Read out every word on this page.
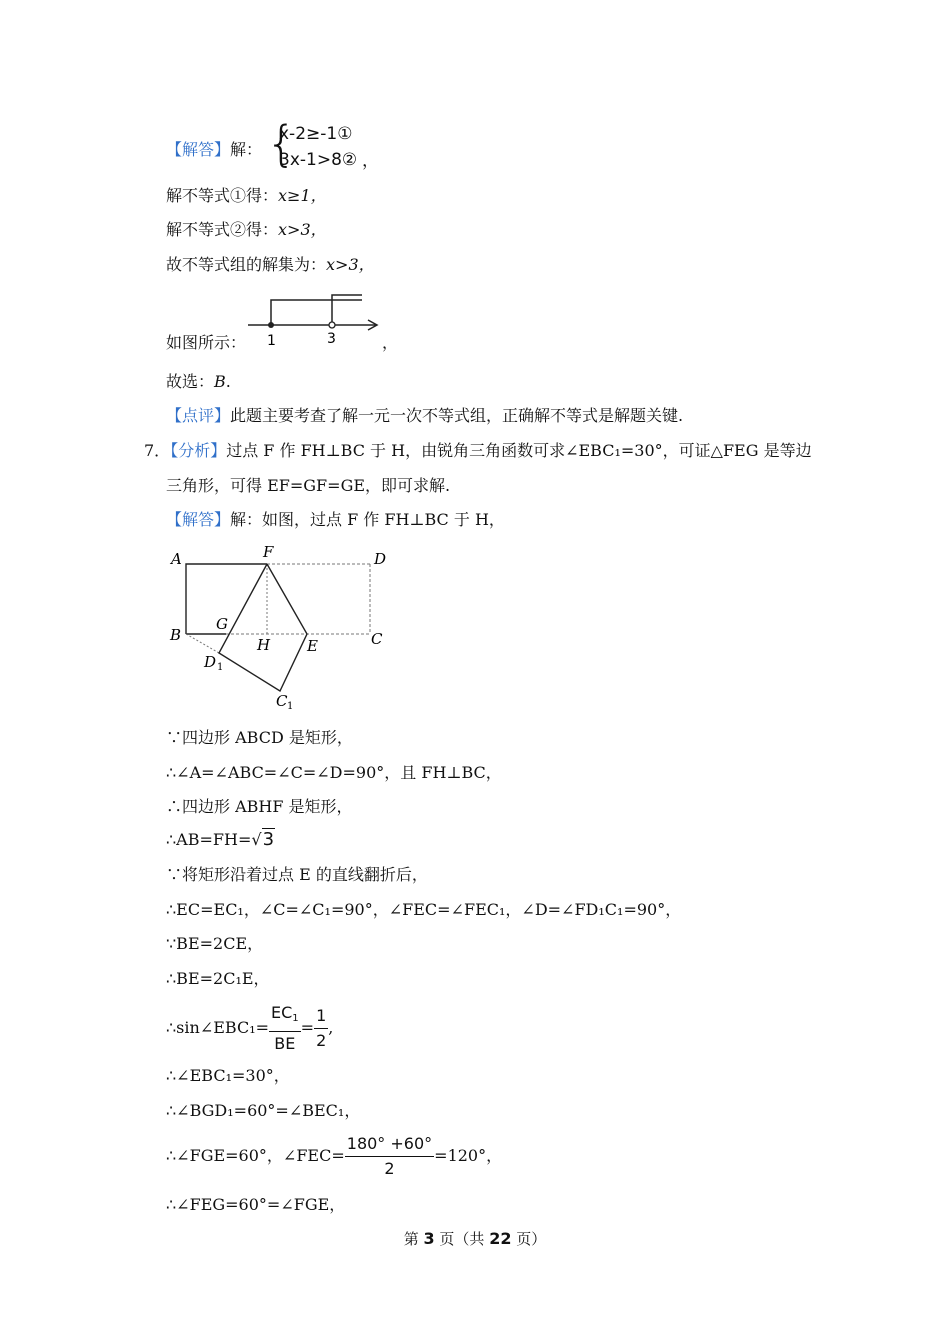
【解答】解： {
x-2≥-1①
3x-1>8② ，
解不等式①得：x≥1，
解不等式②得：x>3，
故不等式组的解集为：x>3，
如图所示： 1	3	，
故选：B.
【点评】此题主要考查了解一元一次不等式组，正确解不等式是解题关键.
7．【分析】过点 F 作 FH⊥BC 于 H，由锐角三角函数可求∠EBC₁=30°，可证△FEG 是等边
三角形，可得 EF=GF=GE，即可求解.
【解答】解：如图，过点 F 作 FH⊥BC 于 H，
A	F	D
B
G
H E	C
D 1
C 1
∵四边形 ABCD 是矩形，
∴∠A=∠ABC=∠C=∠D=90°，且 FH⊥BC，
∴四边形 ABHF 是矩形，
∴AB=FH=√3
∵将矩形沿着过点 E 的直线翻折后，
∴EC=EC₁，∠C=∠C₁=90°，∠FEC=∠FEC₁，∠D=∠FD₁C₁=90°，
∵BE=2CE，
∴BE=2C₁E，
∴sin∠EBC₁= $\frac{EC_1}{BE} = \frac{1}{2}$ ,
∴∠EBC₁=30°，
∴∠BGD₁=60°=∠BEC₁，
∴∠FGE=60°，∠FEC= $\frac{180^\circ +60^\circ}{2} =120^\circ$，
∴∠FEG=60°=∠FGE，
第 3 页（共 22 页）
